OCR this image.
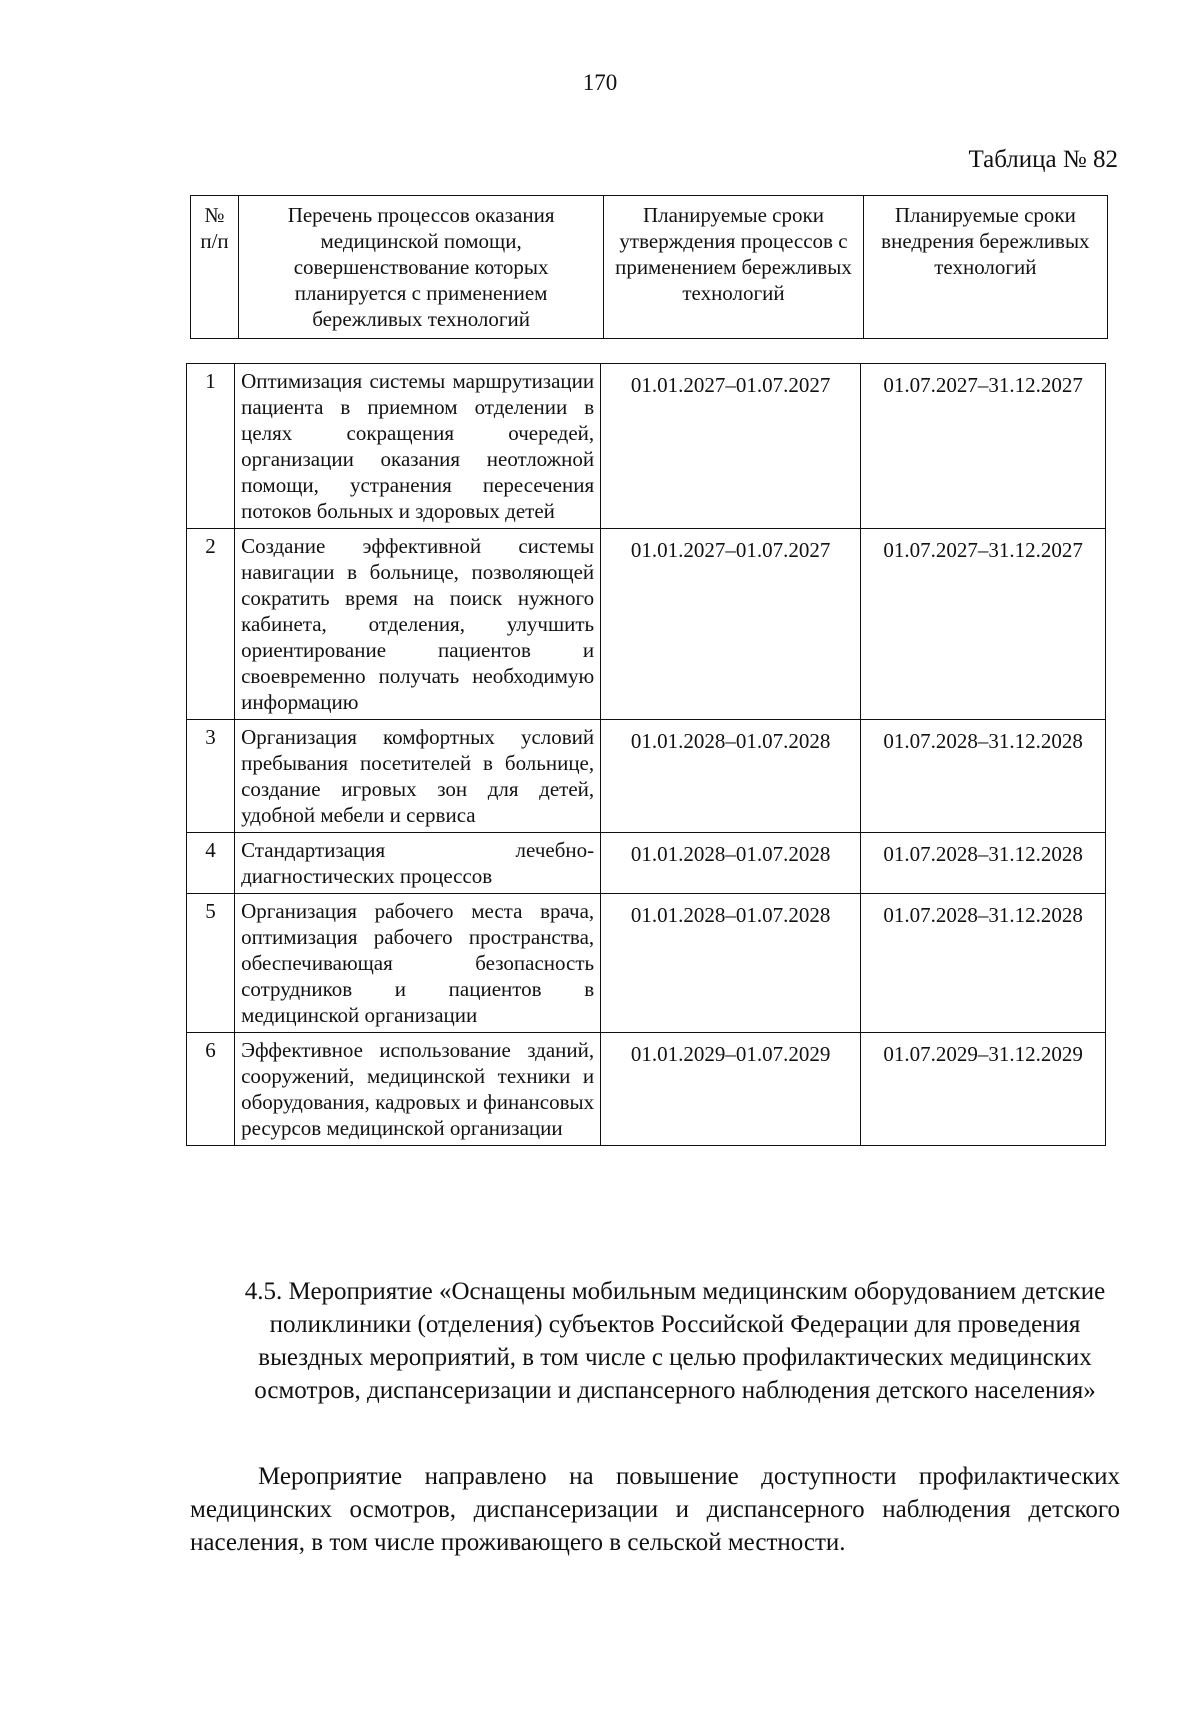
170
Таблица № 82
№ п/п	Перечень процессов оказания медицинской помощи, совершенствование которых планируется с применением бережливых технологий	Планируемые сроки утверждения процессов с применением бережливых технологий	Планируемые сроки внедрения бережливых технологий
1	Оптимизация системы маршрутизации пациента в приемном отделении в целях сокращения очередей, организации оказания неотложной помощи, устранения пересечения потоков больных и здоровых детей	01.01.2027–01.07.2027	01.07.2027–31.12.2027
2	Создание эффективной системы навигации в больнице, позволяющей сократить время на поиск нужного кабинета, отделения, улучшить ориентирование пациентов и своевременно получать необходимую информацию	01.01.2027–01.07.2027	01.07.2027–31.12.2027
3	Организация комфортных условий пребывания посетителей в больнице, создание игровых зон для детей, удобной мебели и сервиса	01.01.2028–01.07.2028	01.07.2028–31.12.2028
4	Стандартизация лечебно-диагностических процессов	01.01.2028–01.07.2028	01.07.2028–31.12.2028
5	Организация рабочего места врача, оптимизация рабочего пространства, обеспечивающая безопасность сотрудников и пациентов в медицинской организации	01.01.2028–01.07.2028	01.07.2028–31.12.2028
6	Эффективное использование зданий, сооружений, медицинской техники и оборудования, кадровых и финансовых ресурсов медицинской организации	01.01.2029–01.07.2029	01.07.2029–31.12.2029
4.5. Мероприятие «Оснащены мобильным медицинским оборудованием детские поликлиники (отделения) субъектов Российской Федерации для проведения выездных мероприятий, в том числе с целью профилактических медицинских осмотров, диспансеризации и диспансерного наблюдения детского населения»
Мероприятие направлено на повышение доступности профилактических медицинских осмотров, диспансеризации и диспансерного наблюдения детского населения, в том числе проживающего в сельской местности.
